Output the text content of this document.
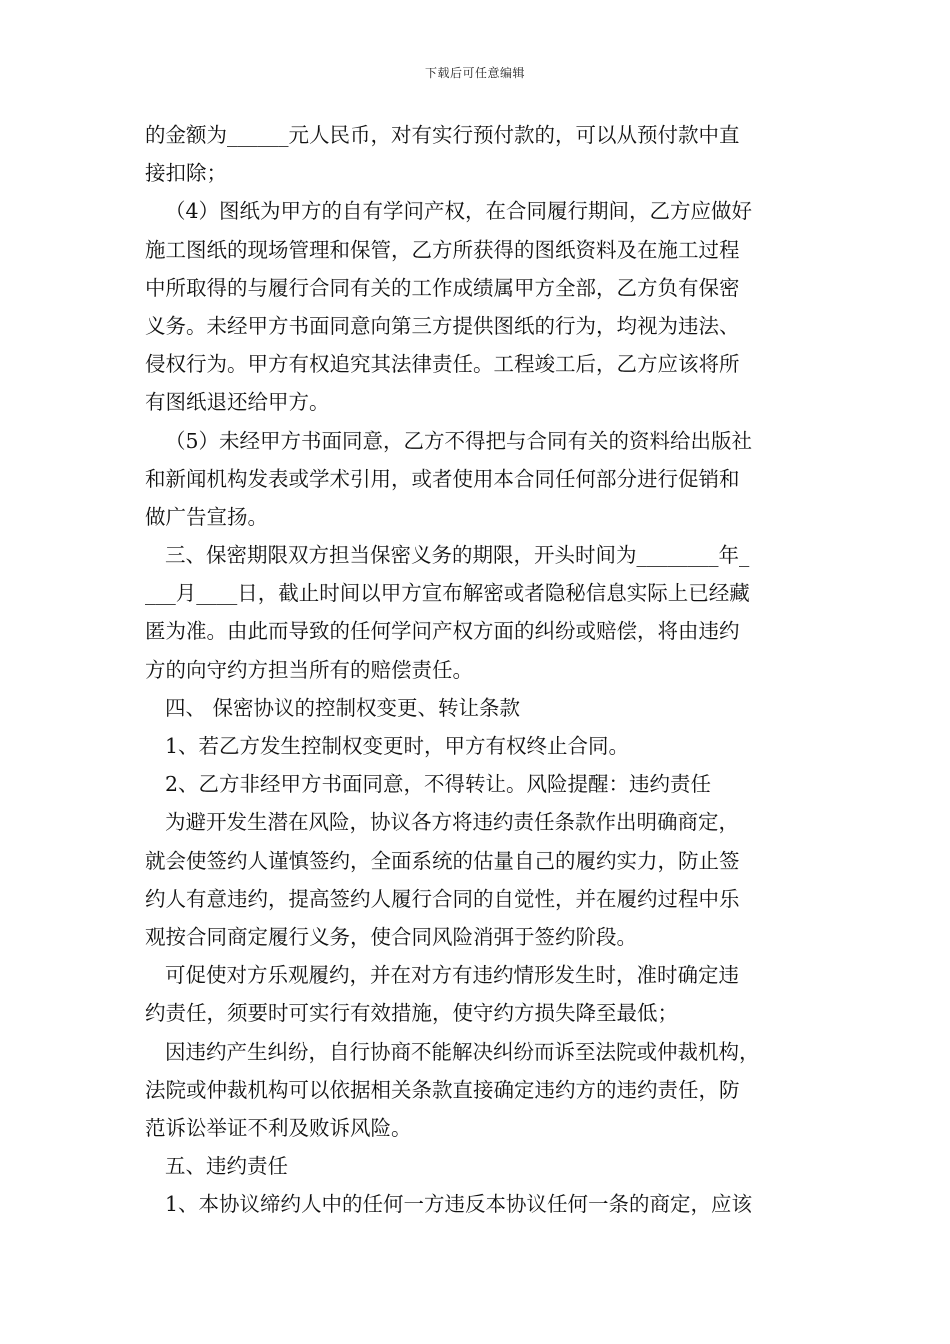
下载后可任意编辑
的金额为______元人民币，对有实行预付款的，可以从预付款中直
接扣除；
（4）图纸为甲方的自有学问产权，在合同履行期间，乙方应做好
施工图纸的现场管理和保管，乙方所获得的图纸资料及在施工过程
中所取得的与履行合同有关的工作成绩属甲方全部，乙方负有保密
义务。未经甲方书面同意向第三方提供图纸的行为，均视为违法、
侵权行为。甲方有权追究其法律责任。工程竣工后，乙方应该将所
有图纸退还给甲方。
（5）未经甲方书面同意，乙方不得把与合同有关的资料给出版社
和新闻机构发表或学术引用，或者使用本合同任何部分进行促销和
做广告宣扬。
三、保密期限双方担当保密义务的期限，开头时间为________年_
___月____日，截止时间以甲方宣布解密或者隐秘信息实际上已经藏
匿为准。由此而导致的任何学问产权方面的纠纷或赔偿，将由违约
方的向守约方担当所有的赔偿责任。
四、 保密协议的控制权变更、转让条款
1、若乙方发生控制权变更时，甲方有权终止合同。
2、乙方非经甲方书面同意，不得转让。风险提醒：违约责任
为避开发生潜在风险，协议各方将违约责任条款作出明确商定，
就会使签约人谨慎签约，全面系统的估量自己的履约实力，防止签
约人有意违约，提高签约人履行合同的自觉性，并在履约过程中乐
观按合同商定履行义务，使合同风险消弭于签约阶段。
可促使对方乐观履约，并在对方有违约情形发生时，准时确定违
约责任，须要时可实行有效措施，使守约方损失降至最低；
因违约产生纠纷，自行协商不能解决纠纷而诉至法院或仲裁机构，
法院或仲裁机构可以依据相关条款直接确定违约方的违约责任，防
范诉讼举证不利及败诉风险。
五、违约责任
1、本协议缔约人中的任何一方违反本协议任何一条的商定，应该
